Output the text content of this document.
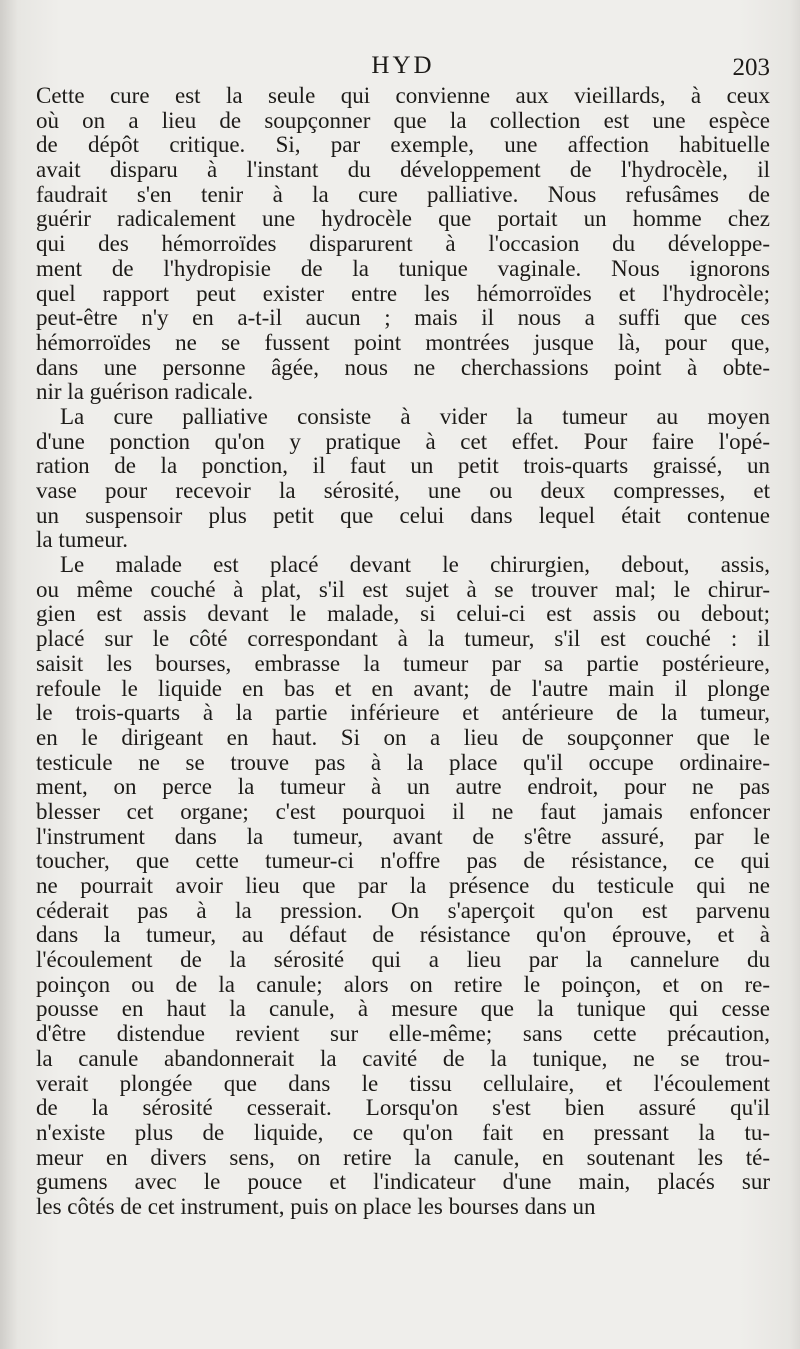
HYD	203
Cette cure est la seule qui convienne aux vieillards, à ceux
où on a lieu de soupçonner que la collection est une espèce
de dépôt critique. Si, par exemple, une affection habituelle
avait disparu à l'instant du développement de l'hydrocèle, il
faudrait s'en tenir à la cure palliative. Nous refusâmes de
guérir radicalement une hydrocèle que portait un homme chez
qui des hémorroïdes disparurent à l'occasion du développe-
ment de l'hydropisie de la tunique vaginale. Nous ignorons
quel rapport peut exister entre les hémorroïdes et l'hydrocèle;
peut-être n'y en a-t-il aucun ; mais il nous a suffi que ces
hémorroïdes ne se fussent point montrées jusque là, pour que,
dans une personne âgée, nous ne cherchassions point à obte-
nir la guérison radicale.
La cure palliative consiste à vider la tumeur au moyen
d'une ponction qu'on y pratique à cet effet. Pour faire l'opé-
ration de la ponction, il faut un petit trois-quarts graissé, un
vase pour recevoir la sérosité, une ou deux compresses, et
un suspensoir plus petit que celui dans lequel était contenue
la tumeur.
Le malade est placé devant le chirurgien, debout, assis,
ou même couché à plat, s'il est sujet à se trouver mal; le chirur-
gien est assis devant le malade, si celui-ci est assis ou debout;
placé sur le côté correspondant à la tumeur, s'il est couché : il
saisit les bourses, embrasse la tumeur par sa partie postérieure,
refoule le liquide en bas et en avant; de l'autre main il plonge
le trois-quarts à la partie inférieure et antérieure de la tumeur,
en le dirigeant en haut. Si on a lieu de soupçonner que le
testicule ne se trouve pas à la place qu'il occupe ordinaire-
ment, on perce la tumeur à un autre endroit, pour ne pas
blesser cet organe; c'est pourquoi il ne faut jamais enfoncer
l'instrument dans la tumeur, avant de s'être assuré, par le
toucher, que cette tumeur-ci n'offre pas de résistance, ce qui
ne pourrait avoir lieu que par la présence du testicule qui ne
céderait pas à la pression. On s'aperçoit qu'on est parvenu
dans la tumeur, au défaut de résistance qu'on éprouve, et à
l'écoulement de la sérosité qui a lieu par la cannelure du
poinçon ou de la canule; alors on retire le poinçon, et on re-
pousse en haut la canule, à mesure que la tunique qui cesse
d'être distendue revient sur elle-même; sans cette précaution,
la canule abandonnerait la cavité de la tunique, ne se trou-
verait plongée que dans le tissu cellulaire, et l'écoulement
de la sérosité cesserait. Lorsqu'on s'est bien assuré qu'il
n'existe plus de liquide, ce qu'on fait en pressant la tu-
meur en divers sens, on retire la canule, en soutenant les té-
gumens avec le pouce et l'indicateur d'une main, placés sur
les côtés de cet instrument, puis on place les bourses dans un
